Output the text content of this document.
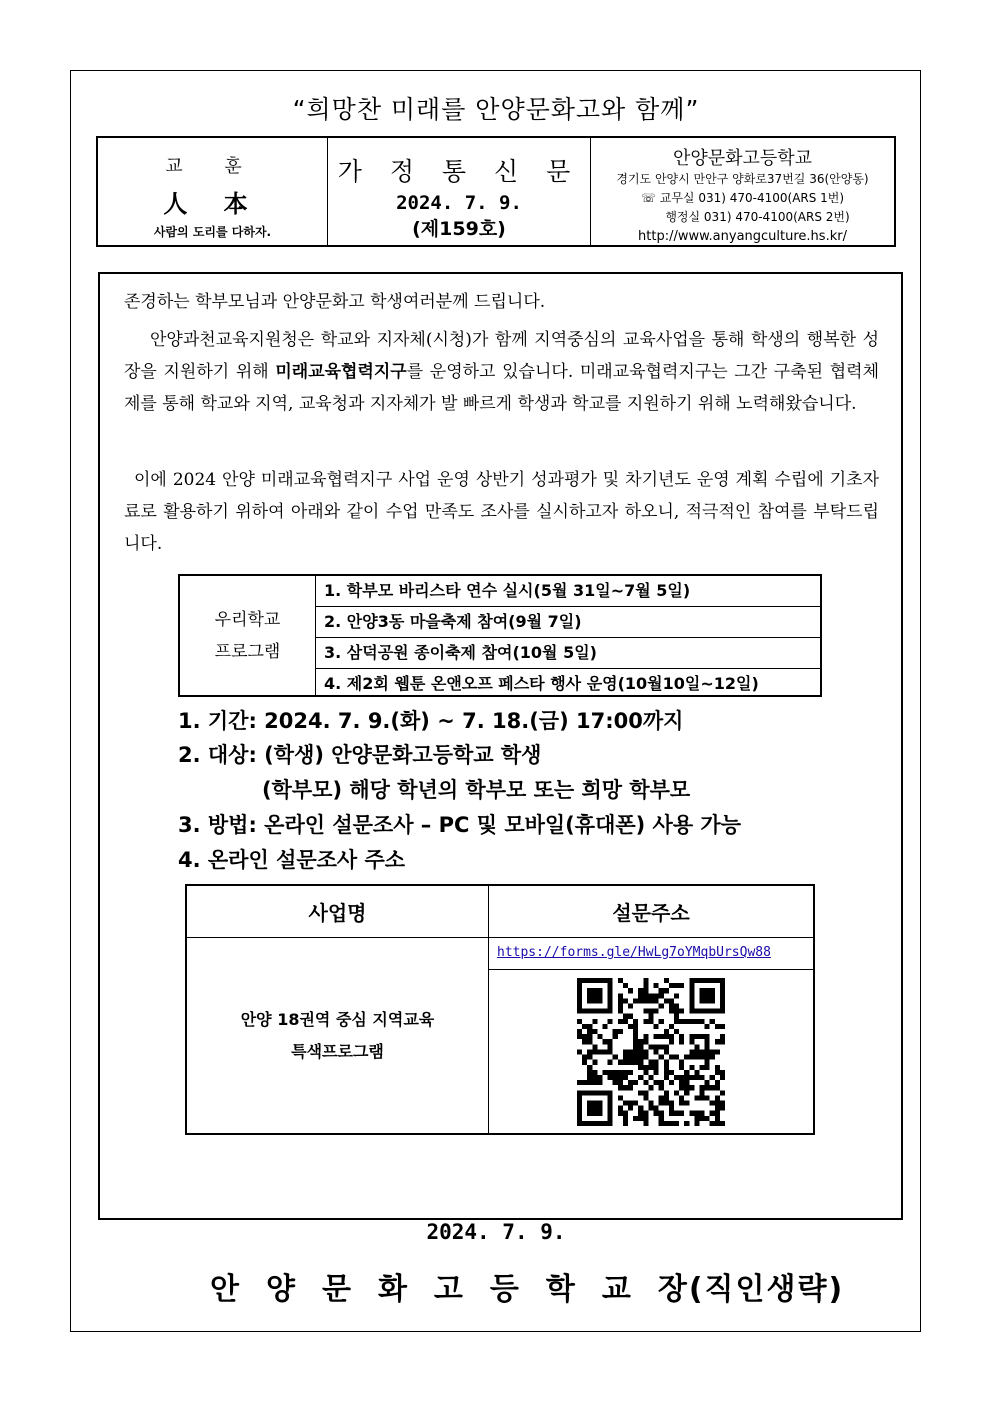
“희망찬 미래를 안양문화고와 함께”
교 훈
人 本
사람의 도리를 다하자.
가 정 통 신 문
2024. 7. 9.
(제159호)
안양문화고등학교
경기도 안양시 만안구 양화로37번길 36(안양동)
☏ 교무실 031) 470-4100(ARS 1번)
행정실 031) 470-4100(ARS 2번)
http://www.anyangculture.hs.kr/
존경하는 학부모님과 안양문화고 학생여러분께 드립니다.
안양과천교육지원청은 학교와 지자체(시청)가 함께 지역중심의 교육사업을 통해 학생의 행복한 성장을 지원하기 위해 미래교육협력지구를 운영하고 있습니다. 미래교육협력지구는 그간 구축된 협력체제를 통해 학교와 지역, 교육청과 지자체가 발 빠르게 학생과 학교를 지원하기 위해 노력해왔습니다.
이에 2024 안양 미래교육협력지구 사업 운영 상반기 성과평가 및 차기년도 운영 계획 수립에 기초자료로 활용하기 위하여 아래와 같이 수업 만족도 조사를 실시하고자 하오니, 적극적인 참여를 부탁드립니다.
우리학교
프로그램
1. 학부모 바리스타 연수 실시(5월 31일~7월 5일)
2. 안양3동 마을축제 참여(9월 7일)
3. 삼덕공원 종이축제 참여(10월 5일)
4. 제2회 웹툰 온앤오프 페스타 행사 운영(10월10일~12일)
1. 기간: 2024. 7. 9.(화) ~ 7. 18.(금) 17:00까지
2. 대상: (학생) 안양문화고등학교 학생
(학부모) 해당 학년의 학부모 또는 희망 학부모
3. 방법: 온라인 설문조사 – PC 및 모바일(휴대폰) 사용 가능
4. 온라인 설문조사 주소
사업명	설문주소
안양 18권역 중심 지역교육
특색프로그램
https://forms.gle/HwLg7oYMqbUrsQw88
2024. 7. 9.
안양문화고등학교장(직인생략)
